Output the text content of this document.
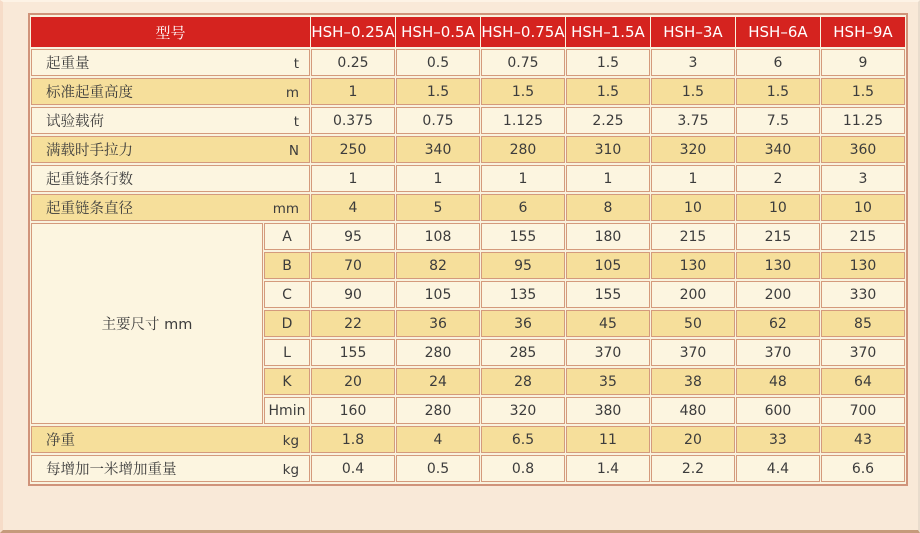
型号		HSH–0.25A	HSH–0.5A	HSH–0.75A	HSH–1.5A	HSH–3A	HSH–6A	HSH–9A

起重量 t		0.25	0.5	0.75	1.5	3	6	9

标准起重高度 m		1	1.5	1.5	1.5	1.5	1.5	1.5

试验载荷 t		0.375	0.75	1.125	2.25	3.75	7.5	11.25

满载时手拉力 N		250	340	280	310	320	340	360

起重链条行数		1	1	1	1	1	2	3

起重链条直径 mm		4	5	6	8	10	10	10
主要尺寸 mm	A	95	108	155	180	215	215	215
	B	70	82	95	105	130	130	130
	C	90	105	135	155	200	200	330
	D	22	36	36	45	50	62	85
	L	155	280	285	370	370	370	370
	K	20	24	28	35	38	48	64
	Hmin	160	280	320	380	480	600	700

净重 kg		1.8	4	6.5	11	20	33	43

每增加一米增加重量 kg		0.4	0.5	0.8	1.4	2.2	4.4	6.6
